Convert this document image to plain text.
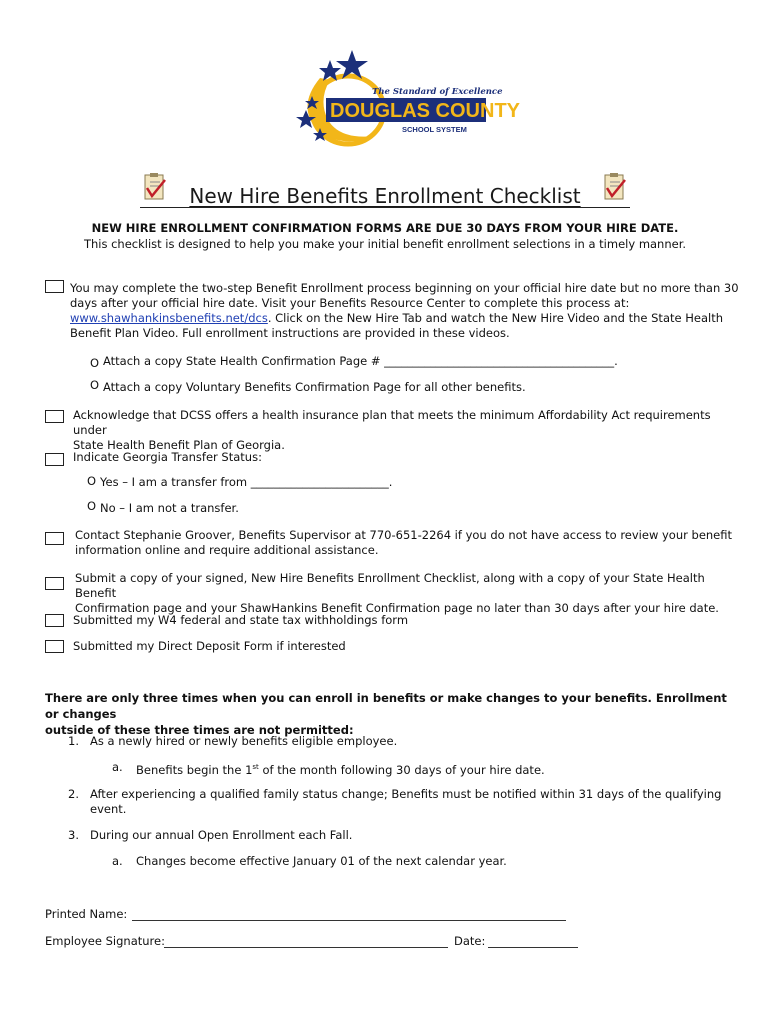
The Standard of Excellence
DOUGLAS COUNTY
SCHOOL SYSTEM
New Hire Benefits Enrollment Checklist
NEW HIRE ENROLLMENT CONFIRMATION FORMS ARE DUE 30 DAYS FROM YOUR HIRE DATE.
This checklist is designed to help you make your initial benefit enrollment selections in a timely manner.
You may complete the two-step Benefit Enrollment process beginning on your official hire date but no more than 30
days after your official hire date. Visit your Benefits Resource Center to complete this process at:
www.shawhankinsbenefits.net/dcs. Click on the New Hire Tab and watch the New Hire Video and the State Health
Benefit Plan Video. Full enrollment instructions are provided in these videos.
O Attach a copy State Health Confirmation Page # ________________________________________.
O Attach a copy Voluntary Benefits Confirmation Page for all other benefits.
Acknowledge that DCSS offers a health insurance plan that meets the minimum Affordability Act requirements under
State Health Benefit Plan of Georgia.
Indicate Georgia Transfer Status:
O Yes – I am a transfer from ________________________.
O No – I am not a transfer.
Contact Stephanie Groover, Benefits Supervisor at 770-651-2264 if you do not have access to review your benefit
information online and require additional assistance.
Submit a copy of your signed, New Hire Benefits Enrollment Checklist, along with a copy of your State Health Benefit
Confirmation page and your ShawHankins Benefit Confirmation page no later than 30 days after your hire date.
Submitted my W4 federal and state tax withholdings form
Submitted my Direct Deposit Form if interested
There are only three times when you can enroll in benefits or make changes to your benefits. Enrollment or changes
outside of these three times are not permitted:
1. As a newly hired or newly benefits eligible employee.
a. Benefits begin the 1st of the month following 30 days of your hire date.
2. After experiencing a qualified family status change; Benefits must be notified within 31 days of the qualifying
event.
3. During our annual Open Enrollment each Fall.
a. Changes become effective January 01 of the next calendar year.
Printed Name:
Employee Signature:	Date:
